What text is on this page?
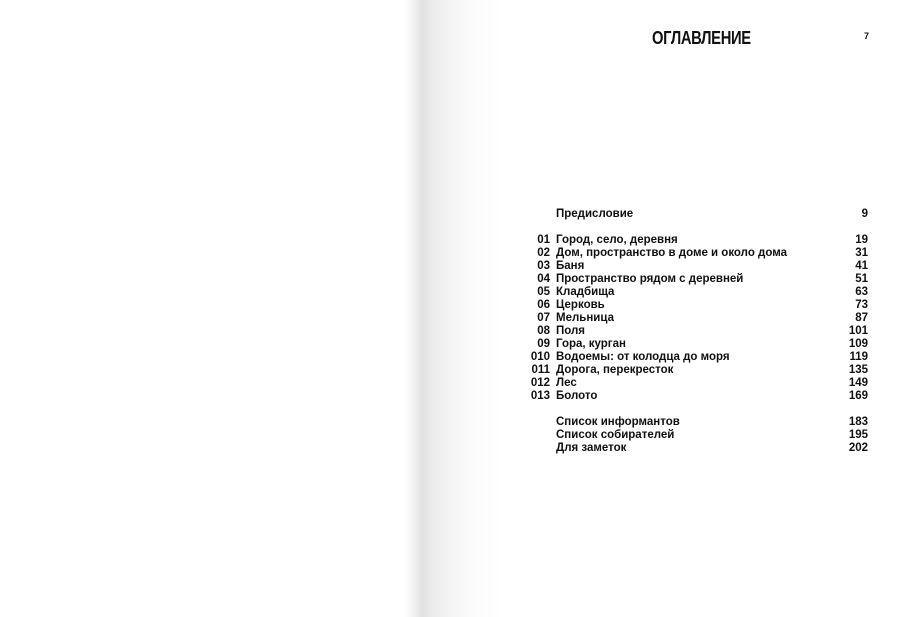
ОГЛАВЛЕНИЕ	7
Предисловие	9
01 Город, село, деревня	19
02 Дом, пространство в доме и около дома	31
03 Баня	41
04 Пространство рядом с деревней	51
05 Кладбища	63
06 Церковь	73
07 Мельница	87
08 Поля	101
09 Гора, курган	109
010 Водоемы: от колодца до моря	119
011 Дорога, перекресток	135
012 Лес	149
013 Болото	169
Список информантов	183
Список собирателей	195
Для заметок	202
